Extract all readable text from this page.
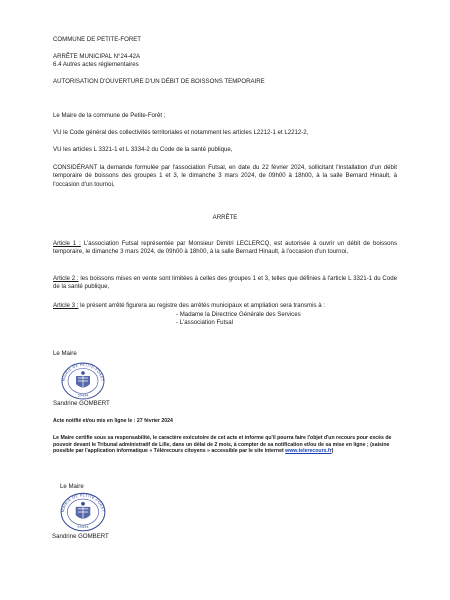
COMMUNE DE PETITE-FORET

ARRÊTE MUNICIPAL N°24-42A

6.4 Autres actes réglementaires

AUTORISATION D'OUVERTURE D'UN DÉBIT DE BOISSONS TEMPORAIRE

Le Maire de la commune de Petite-Forêt ;

VU le Code général des collectivités territoriales et notamment les articles L2212-1 et L2212-2,

VU les articles L 3321-1 et L 3334-2 du Code de la santé publique,

CONSIDÉRANT la demande formulée par l'association Futsal, en date du 22 février 2024, sollicitant l'installation d'un débit temporaire de boissons des groupes 1 et 3, le dimanche 3 mars 2024, de 09h00 à 18h00, à la salle Bernard Hinault, à l'occasion d'un tournoi,

ARRÊTE

Article 1 : L'association Futsal représentée par Monsieur Dimitri LECLERCQ, est autorisée à ouvrir un débit de boissons temporaire, le dimanche 3 mars 2024, de 09h00 à 18h00, à la salle Bernard Hinault, à l'occasion d'un tournoi,

Article 2 : les boissons mises en vente sont limitées à celles des groupes 1 et 3, telles que définies à l'article L 3321-1 du Code de la santé publique,

Article 3 : le présent arrêté figurera au registre des arrêtés municipaux et ampliation sera transmis à :

- Madame la Directrice Générale des Services

- L'association Futsal

Le Maire

MAIRIE DE PETITE-FORET
59494

Sandrine GOMBERT

Acte notifié et/ou mis en ligne le : 27 février 2024

Le Maire certifie sous sa responsabilité, le caractère exécutoire de cet acte et informe qu'il pourra faire l'objet d'un recours pour excès de pouvoir devant le Tribunal administratif de Lille, dans un délai de 2 mois, à compter de sa notification et/ou de sa mise en ligne ; (saisine possible par l'application informatique « Télérecours citoyens » accessible par le site internet www.telerecours.fr)

Le Maire

MAIRIE DE PETITE-FORET
59494

Sandrine GOMBERT
